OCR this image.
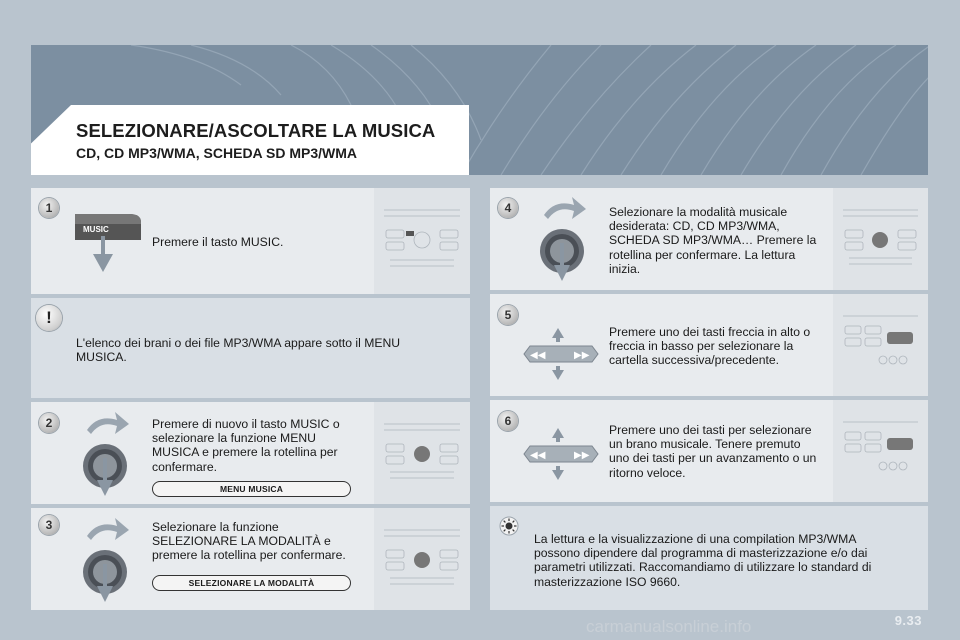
SELEZIONARE/ASCOLTARE LA MUSICA
CD, CD MP3/WMA, SCHEDA SD MP3/WMA
1
MUSIC
Premere il tasto MUSIC.
!
L'elenco dei brani o dei file MP3/WMA appare sotto il MENU MUSICA.
2	Premere di nuovo il tasto MUSIC o selezionare la funzione MENU MUSICA e premere la rotellina per confermare.
MENU MUSICA
3	Selezionare la funzione SELEZIONARE LA MODALITÀ e premere la rotellina per confermare.
SELEZIONARE LA MODALITÀ
4	Selezionare la modalità musicale desiderata: CD, CD MP3/WMA, SCHEDA SD MP3/WMA… Premere la rotellina per confermare. La lettura inizia.
5
◀◀	▶▶
Premere uno dei tasti freccia in alto o freccia in basso per selezionare la cartella successiva/precedente.
6
◀◀	▶▶
Premere uno dei tasti per selezionare un brano musicale. Tenere premuto uno dei tasti per un avanzamento o un ritorno veloce.
La lettura e la visualizzazione di una compilation MP3/WMA possono dipendere dal programma di masterizzazione e/o dai parametri utilizzati. Raccomandiamo di utilizzare lo standard di masterizzazione ISO 9660.
carmanualsonline.info	9.33
